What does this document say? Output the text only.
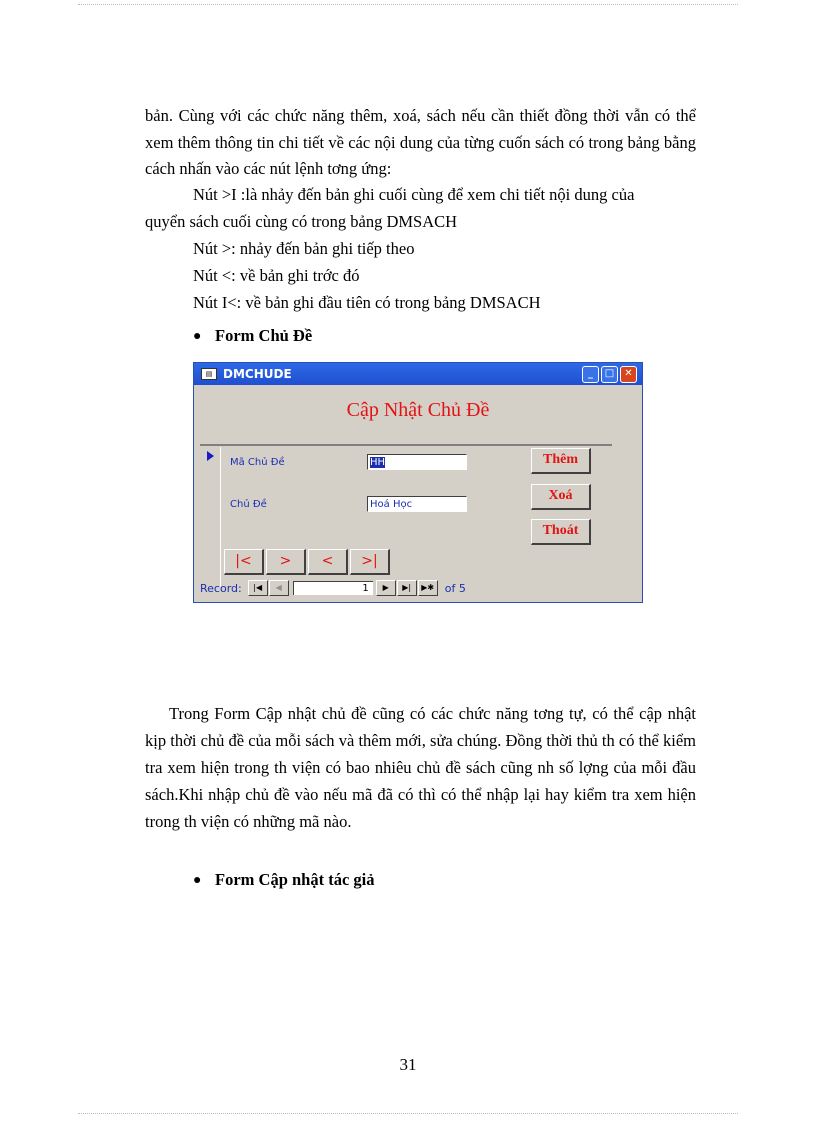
bản. Cùng với các chức năng thêm, xoá, sách nếu cần thiết đồng thời vẫn có thể xem thêm thông tin chi tiết về các nội dung của từng cuốn sách có trong bảng bằng cách nhấn vào các nút lệnh tơng ứng:

Nút >I :là nhảy đến bản ghi cuối cùng để xem chi tiết nội dung của
quyển sách cuối cùng có trong bảng DMSACH
Nút >: nhảy đến bản ghi tiếp theo
Nút <: về bản ghi trớc đó
Nút I<: về bản ghi đầu tiên có trong bảng DMSACH
● Form Chủ Đề
▤ DMCHUDE	_	□	✕
Cập Nhật Chủ Đề
Mã Chủ Đề	HH
Chủ Đề	Hoá Học
Thêm
Xoá
Thoát
|<	>	<	>|
Record:	|◀	◀	1	▶	▶|	▶✱ of 5

Trong Form Cập nhật chủ đề cũng có các chức năng tơng tự, có thể cập nhật kịp thời chủ đề của mỗi sách và thêm mới, sửa chúng. Đồng thời thủ th có thể kiểm tra xem hiện trong th viện có bao nhiêu chủ đề sách cũng nh số lợng của mỗi đầu sách.Khi nhập chủ đề vào nếu mã đã có thì có thể nhập lại hay kiểm tra xem hiện trong th viện có những mã nào.

● Form Cập nhật tác giả
31
